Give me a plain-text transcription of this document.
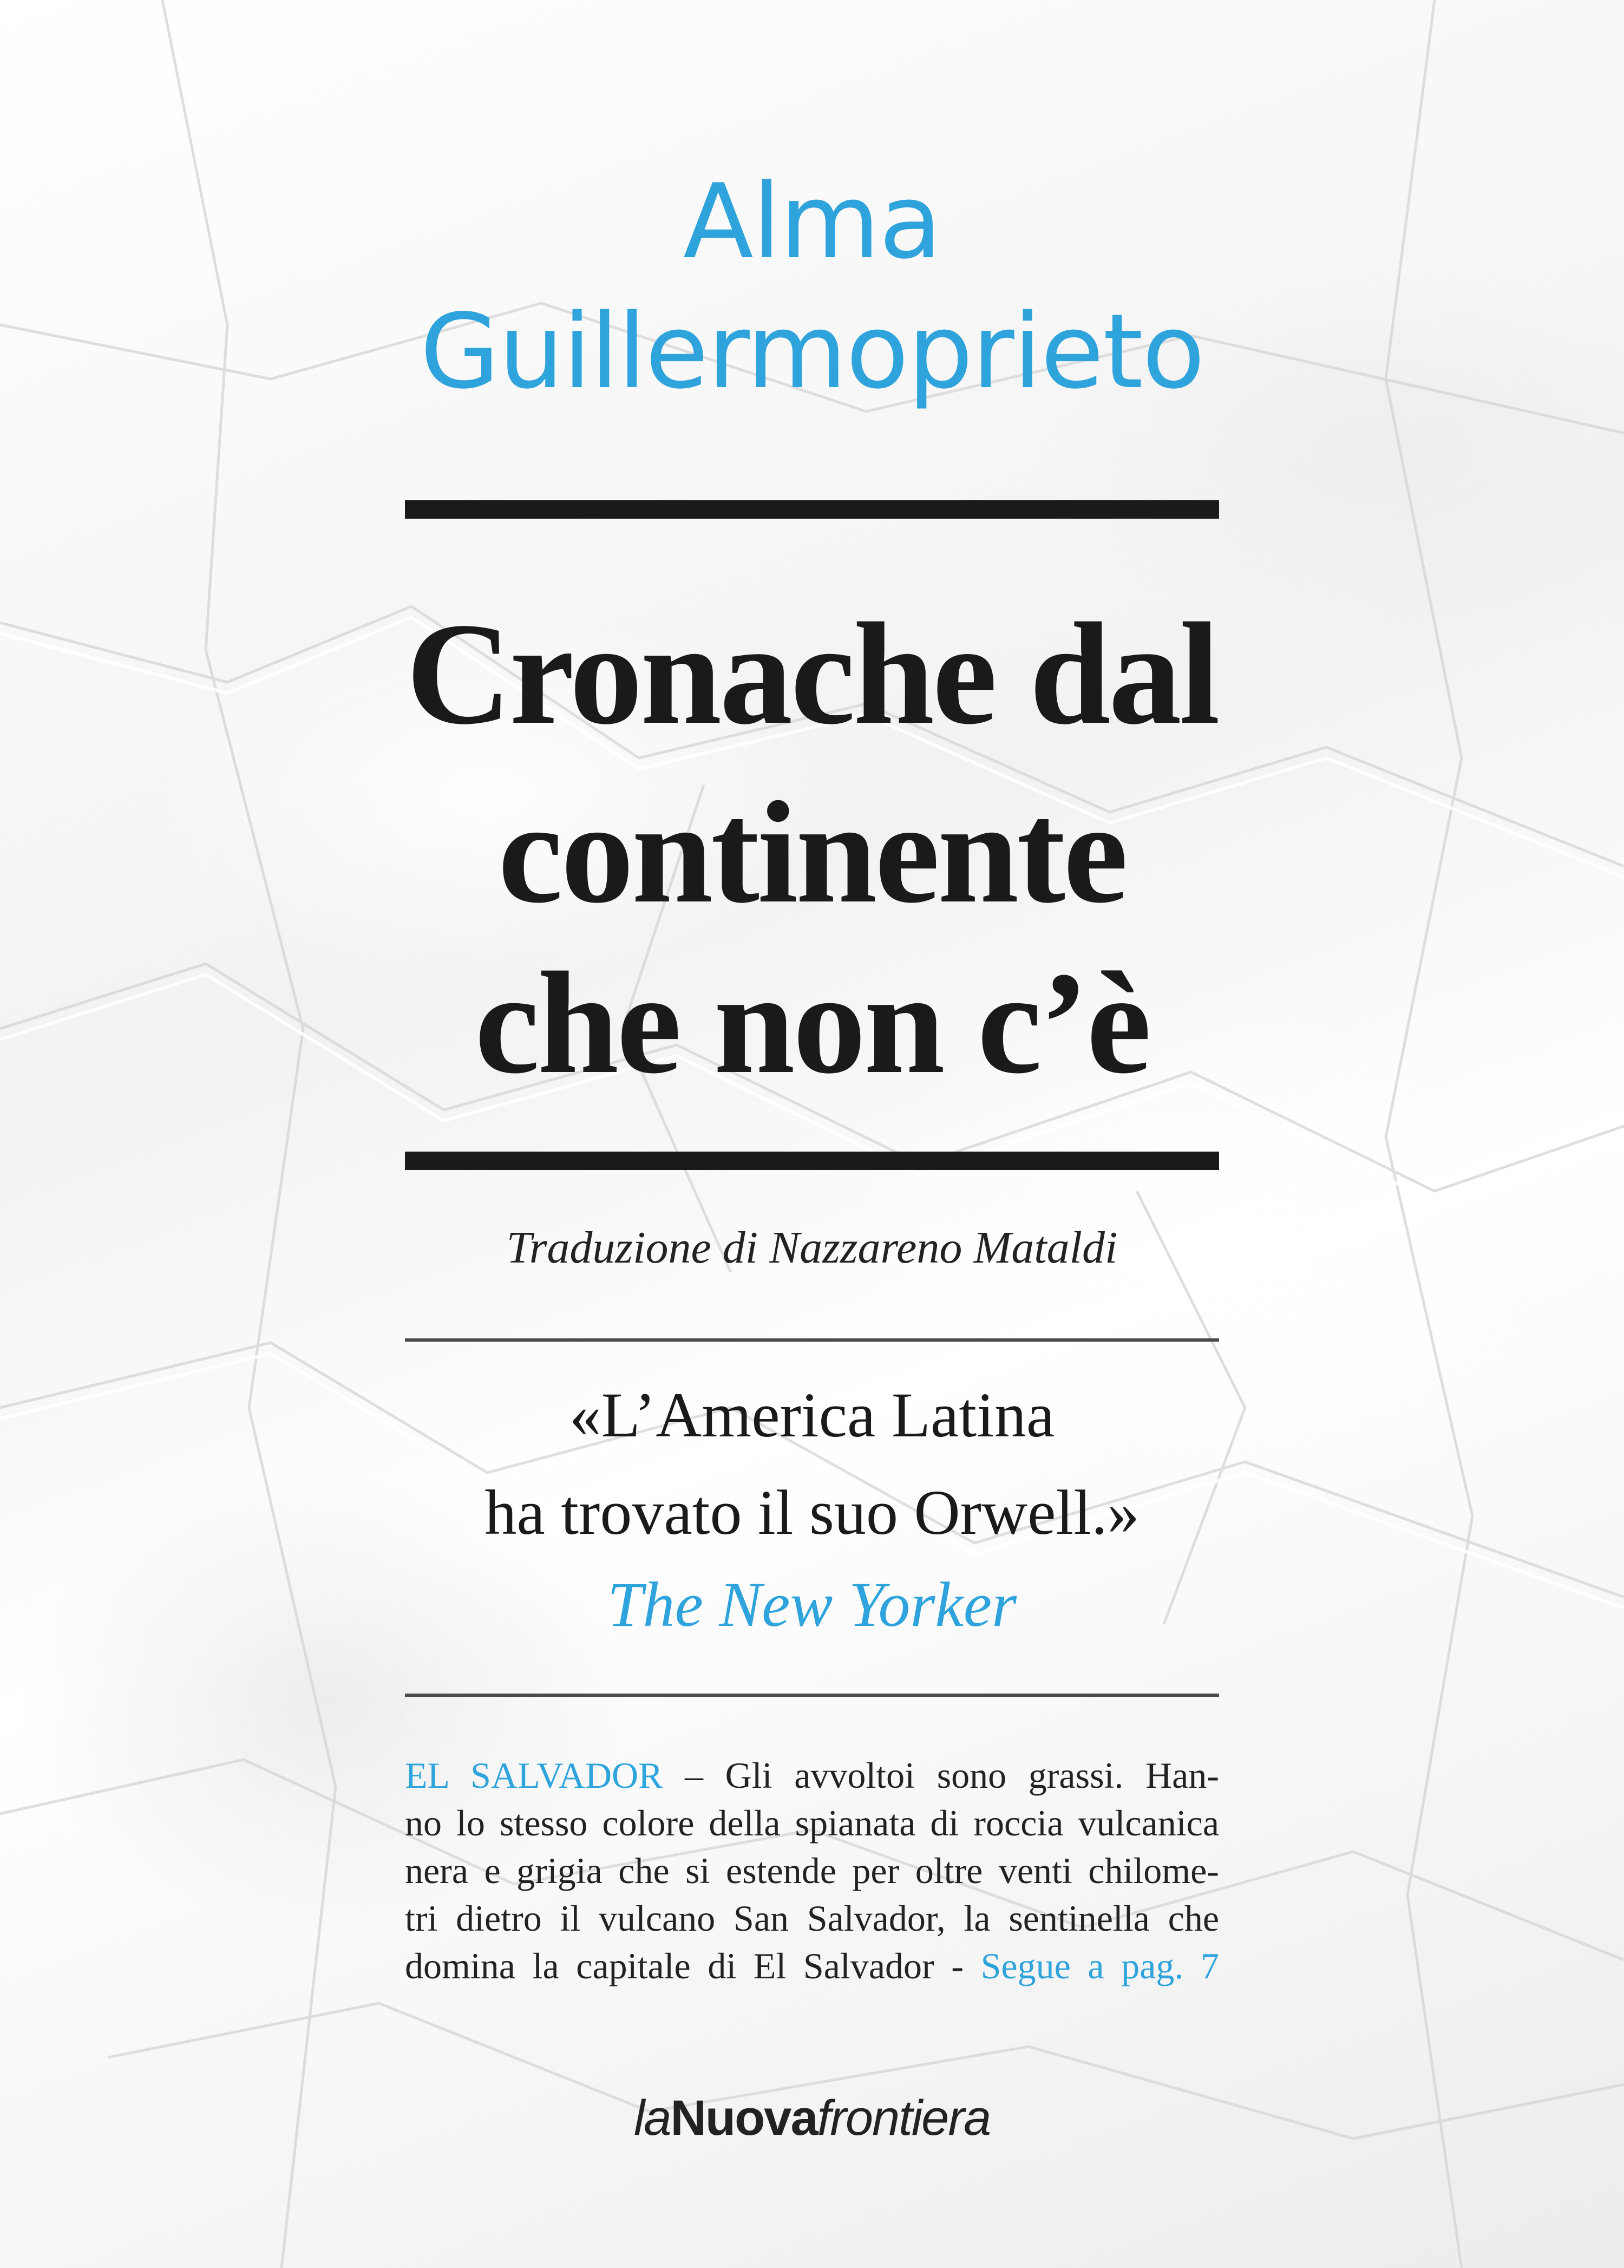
Alma
Guillermoprieto
Cronache dal
continente
che non c’è
Traduzione di Nazzareno Mataldi
«L’America Latina
ha trovato il suo Orwell.»
The New Yorker
EL SALVADOR – Gli avvoltoi sono grassi. Han-
no lo stesso colore della spianata di roccia vulcanica
nera e grigia che si estende per oltre venti chilome-
tri dietro il vulcano San Salvador, la sentinella che
domina la capitale di El Salvador - Segue a pag. 7
laNuovafrontiera
